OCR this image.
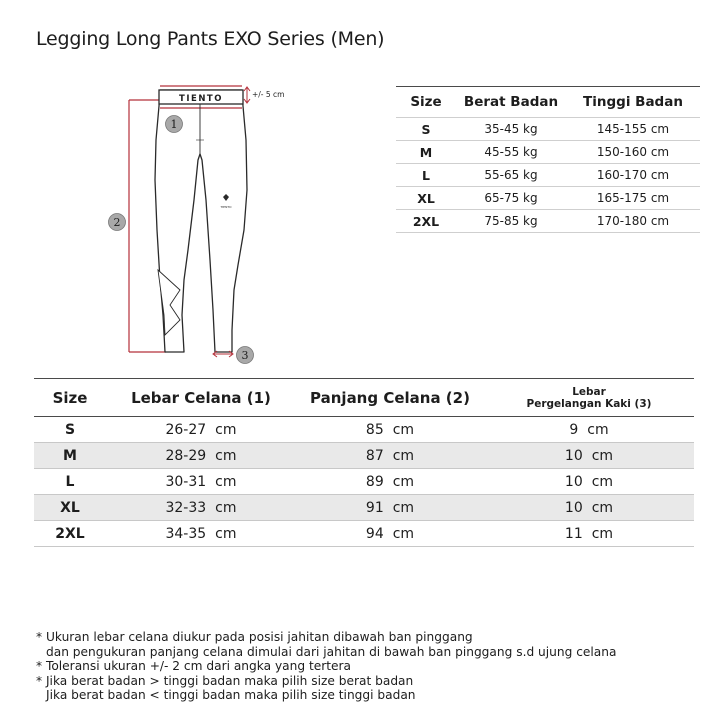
Legging Long Pants EXO Series (Men)
TIENTO
TIENTO
+/- 5 cm
1
2
3
Size	Berat Badan	Tinggi Badan
S	35-45 kg	145-155 cm
M	45-55 kg	150-160 cm
L	55-65 kg	160-170 cm
XL	65-75 kg	165-175 cm
2XL	75-85 kg	170-180 cm
Size	Lebar Celana (1)	Panjang Celana (2)	Lebar
Pergelangan Kaki (3)
S	26-27 cm	85 cm	9 cm
M	28-29 cm	87 cm	10 cm
L	30-31 cm	89 cm	10 cm
XL	32-33 cm	91 cm	10 cm
2XL	34-35 cm	94 cm	11 cm
* Ukuran lebar celana diukur pada posisi jahitan dibawah ban pinggang
dan pengukuran panjang celana dimulai dari jahitan di bawah ban pinggang s.d ujung celana
* Toleransi ukuran +/- 2 cm dari angka yang tertera
* Jika berat badan > tinggi badan maka pilih size berat badan
Jika berat badan < tinggi badan maka pilih size tinggi badan
